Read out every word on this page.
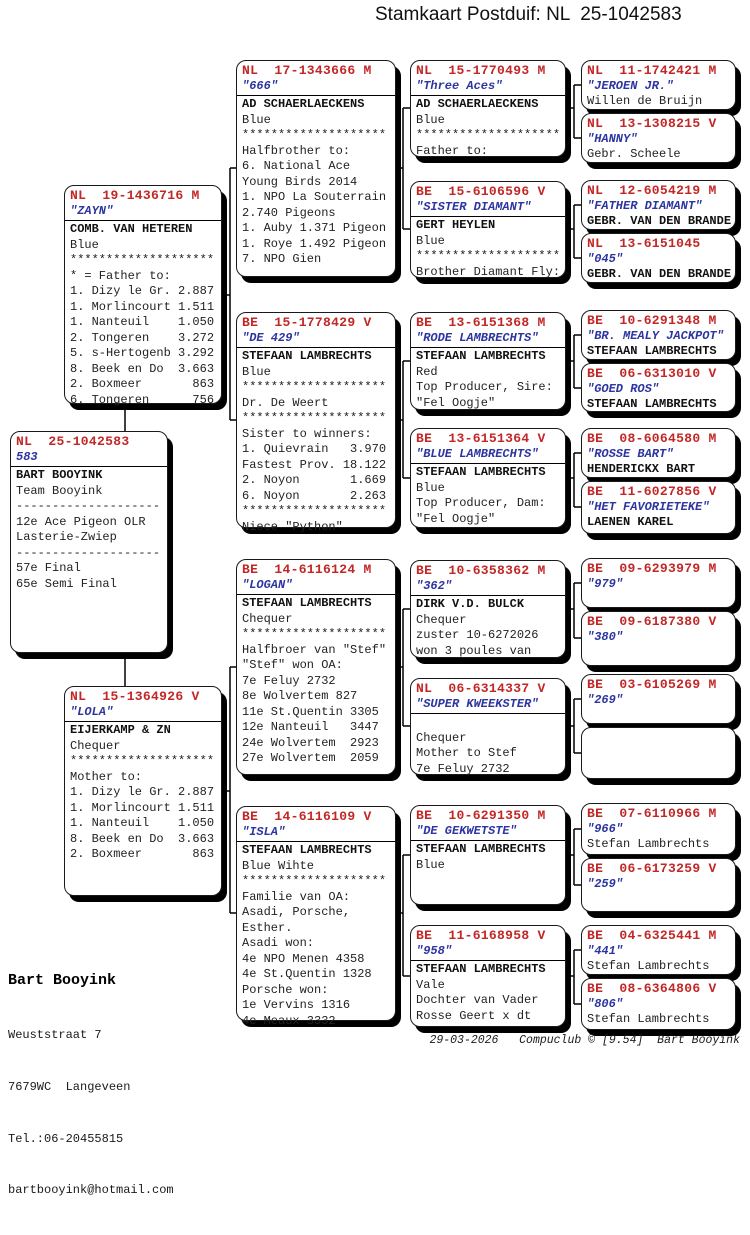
Stamkaart Postduif: NL  25-1042583
NL  25-1042583
583
BART BOOYINK
Team Booyink
--------------------
12e Ace Pigeon OLR
Lasterie-Zwiep
--------------------
57e Final
65e Semi Final
NL  19-1436716 M
"ZAYN"
COMB. VAN HETEREN
Blue
********************
* = Father to:
1. Dizy le Gr. 2.887
1. Morlincourt 1.511
1. Nanteuil    1.050
2. Tongeren    3.272
5. s-Hertogenb 3.292
8. Beek en Do  3.663
2. Boxmeer       863
6. Tongeren      756
NL  15-1364926 V
"LOLA"
EIJERKAMP & ZN
Chequer
********************
Mother to:
1. Dizy le Gr. 2.887
1. Morlincourt 1.511
1. Nanteuil    1.050
8. Beek en Do  3.663
2. Boxmeer       863
NL  17-1343666 M
"666"
AD SCHAERLAECKENS
Blue
********************
Halfbrother to:
6. National Ace
Young Birds 2014
1. NPO La Souterrain
2.740 Pigeons
1. Auby 1.371 Pigeon
1. Roye 1.492 Pigeon
7. NPO Gien
BE  15-1778429 V
"DE 429"
STEFAAN LAMBRECHTS
Blue
********************
Dr. De Weert
********************
Sister to winners:
1. Quievrain   3.970
Fastest Prov. 18.122
2. Noyon       1.669
6. Noyon       2.263
********************
Niece "Python"
BE  14-6116124 M
"LOGAN"
STEFAAN LAMBRECHTS
Chequer
********************
Halfbroer van "Stef"
"Stef" won OA:
7e Feluy 2732
8e Wolvertem 827
11e St.Quentin 3305
12e Nanteuil   3447
24e Wolvertem  2923
27e Wolvertem  2059
BE  14-6116109 V
"ISLA"
STEFAAN LAMBRECHTS
Blue Wihte
********************
Familie van OA:
Asadi, Porsche,
Esther.
Asadi won:
4e NPO Menen 4358
4e St.Quentin 1328
Porsche won:
1e Vervins 1316
4e Meaux 3332
NL  15-1770493 M
"Three Aces"
AD SCHAERLAECKENS
Blue
********************
Father to:
BE  15-6106596 V
"SISTER DIAMANT"
GERT HEYLEN
Blue
********************
Brother Diamant Fly:
BE  13-6151368 M
"RODE LAMBRECHTS"
STEFAAN LAMBRECHTS
Red
Top Producer, Sire:
"Fel Oogje"
BE  13-6151364 V
"BLUE LAMBRECHTS"
STEFAAN LAMBRECHTS
Blue
Top Producer, Dam:
"Fel Oogje"
BE  10-6358362 M
"362"
DIRK V.D. BULCK
Chequer
zuster 10-6272026
won 3 poules van
NL  06-6314337 V
"SUPER KWEEKSTER"

Chequer
Mother to Stef
7e Feluy 2732
BE  10-6291350 M
"DE GEKWETSTE"
STEFAAN LAMBRECHTS
Blue
BE  11-6168958 V
"958"
STEFAAN LAMBRECHTS
Vale
Dochter van Vader
Rosse Geert x dt
NL  11-1742421 M
"JEROEN JR."
Willen de Bruijn
NL  13-1308215 V
"HANNY"
Gebr. Scheele
NL  12-6054219 M
"FATHER DIAMANT"
GEBR. VAN DEN BRANDE
NL  13-6151045
"045"
GEBR. VAN DEN BRANDE
BE  10-6291348 M
"BR. MEALY JACKPOT"
STEFAAN LAMBRECHTS
BE  06-6313010 V
"GOED ROS"
STEFAAN LAMBRECHTS
BE  08-6064580 M
"ROSSE BART"
HENDERICKX BART
BE  11-6027856 V
"HET FAVORIETEKE"
LAENEN KAREL
BE  09-6293979 M
"979"
BE  09-6187380 V
"380"
BE  03-6105269 M
"269"
BE  07-6110966 M
"966"
Stefan Lambrechts
BE  06-6173259 V
"259"
BE  04-6325441 M
"441"
Stefan Lambrechts
BE  08-6364806 V
"806"
Stefan Lambrechts

Bart Booyink

Weuststraat 7

7679WC  Langeveen

Tel.:06-20455815

bartbooyink@hotmail.com

29-03-2026   Compuclub © [9.54]  Bart Booyink
